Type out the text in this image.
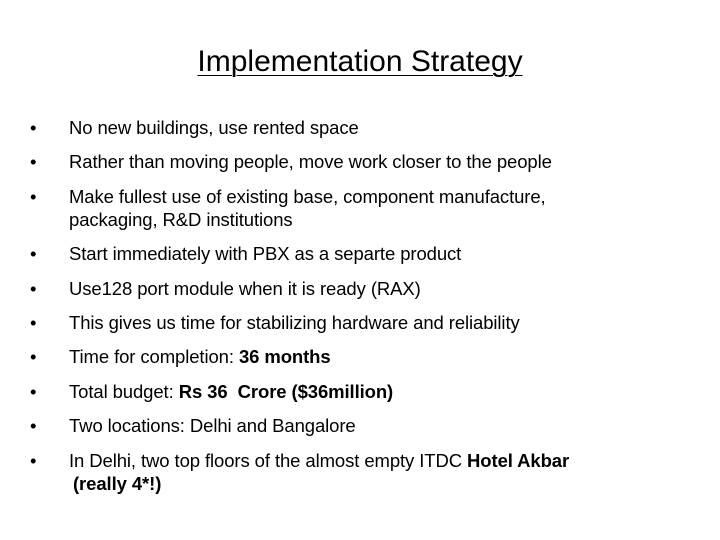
Implementation Strategy
•	No new buildings, use rented space
•	Rather than moving people, move work closer to the people
•	Make fullest use of existing base, component manufacture,
packaging, R&D institutions
•	Start immediately with PBX as a separte product
•	Use128 port module when it is ready (RAX)
•	This gives us time for stabilizing hardware and reliability
•	Time for completion: 36 months
•	Total budget: Rs 36  Crore ($36million)
•	Two locations: Delhi and Bangalore
•	In Delhi, two top floors of the almost empty ITDC Hotel Akbar
(really 4*!)
